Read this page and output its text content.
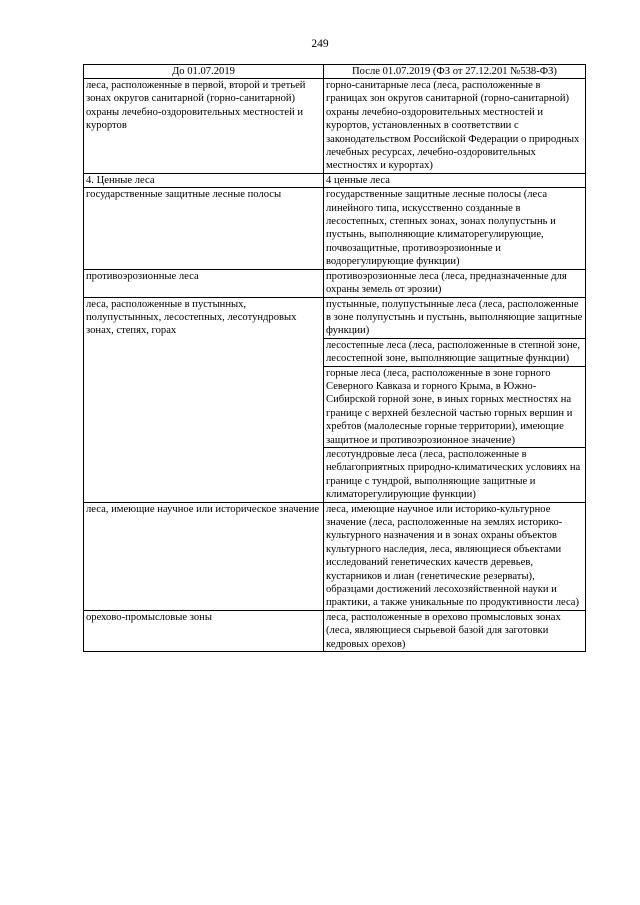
249
До 01.07.2019	После 01.07.2019 (ФЗ от 27.12.201 №538-ФЗ)
леса, расположенные в первой, второй и третьей зонах округов санитарной (горно-санитарной) охраны лечебно-оздоровительных местностей и курортов	горно-санитарные леса (леса, расположенные в границах зон округов санитарной (горно-санитарной) охраны лечебно-оздоровительных местностей и курортов, установленных в соответствии с законодательством Российской Федерации о природных лечебных ресурсах, лечебно-оздоровительных местностях и курортах)
4. Ценные леса	4 ценные леса
государственные защитные лесные полосы	государственные защитные лесные полосы (леса линейного типа, искусственно созданные в лесостепных, степных зонах, зонах полупустынь и пустынь, выполняющие климаторегулирующие, почвозащитные, противоэрозионные и водорегулирующие функции)
противоэрозионные леса	противоэрозионные леса (леса, предназначенные для охраны земель от эрозии)
леса, расположенные в пустынных, полупустынных, лесостепных, лесотундровых зонах, степях, горах	пустынные, полупустынные леса (леса, расположенные в зоне полупустынь и пустынь, выполняющие защитные функции)
	лесостепные леса (леса, расположенные в степной зоне, лесостепной зоне, выполняющие защитные функции)
	горные леса (леса, расположенные в зоне горного Северного Кавказа и горного Крыма, в Южно-Сибирской горной зоне, в иных горных местностях на границе с верхней безлесной частью горных вершин и хребтов (малолесные горные территории), имеющие защитное и противоэрозионное значение)
	лесотундровые леса (леса, расположенные в неблагоприятных природно-климатических условиях на границе с тундрой, выполняющие защитные и климаторегулирующие функции)
леса, имеющие научное или историческое значение	леса, имеющие научное или историко-культурное значение (леса, расположенные на землях историко-культурного назначения и в зонах охраны объектов культурного наследия, леса, являющиеся объектами исследований генетических качеств деревьев, кустарников и лиан (генетические резерваты), образцами достижений лесохозяйственной науки и практики, а также уникальные по продуктивности леса)
орехово-промысловые зоны	леса, расположенные в орехово промысловых зонах (леса, являющиеся сырьевой базой для заготовки кедровых орехов)
